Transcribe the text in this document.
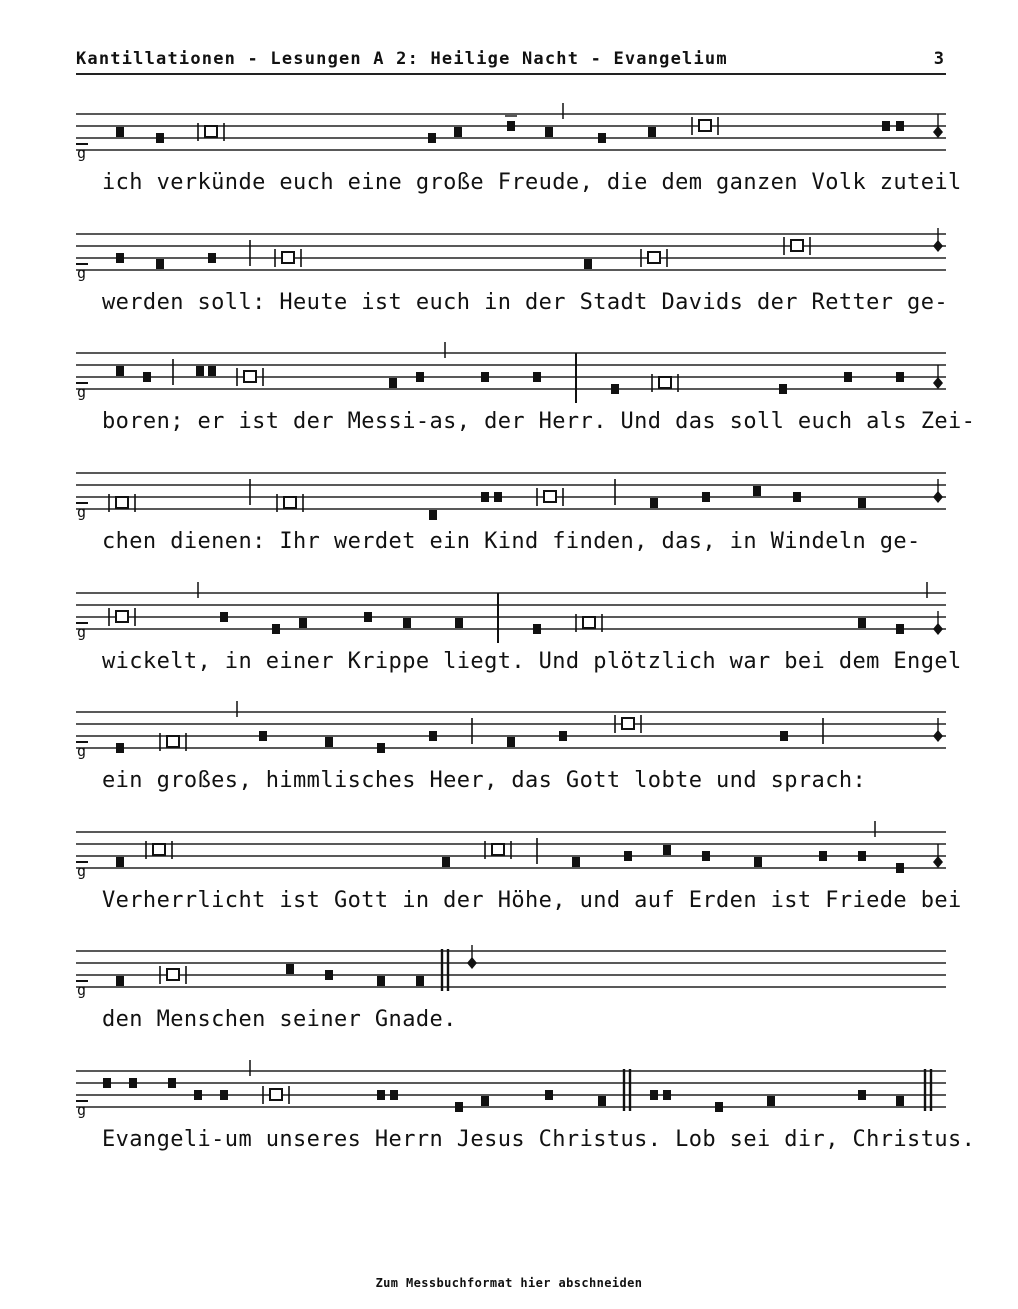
Kantillationen - Lesungen A 2: Heilige Nacht - Evangelium	3
g
ich verkünde euch eine große Freude, die dem ganzen Volk zuteil
g
werden soll: Heute ist euch in der Stadt Davids der Retter ge-
g
boren; er ist der Messi-as, der Herr. Und das soll euch als Zei-
g
chen dienen: Ihr werdet ein Kind finden, das, in Windeln ge-
g
wickelt, in einer Krippe liegt. Und plötzlich war bei dem Engel
g
ein großes, himmlisches Heer, das Gott lobte und sprach:
g
Verherrlicht ist Gott in der Höhe, und auf Erden ist Friede bei
g
den Menschen seiner Gnade.
g
Evangeli-um unseres Herrn Jesus Christus. Lob sei dir, Christus.
Zum Messbuchformat hier abschneiden
